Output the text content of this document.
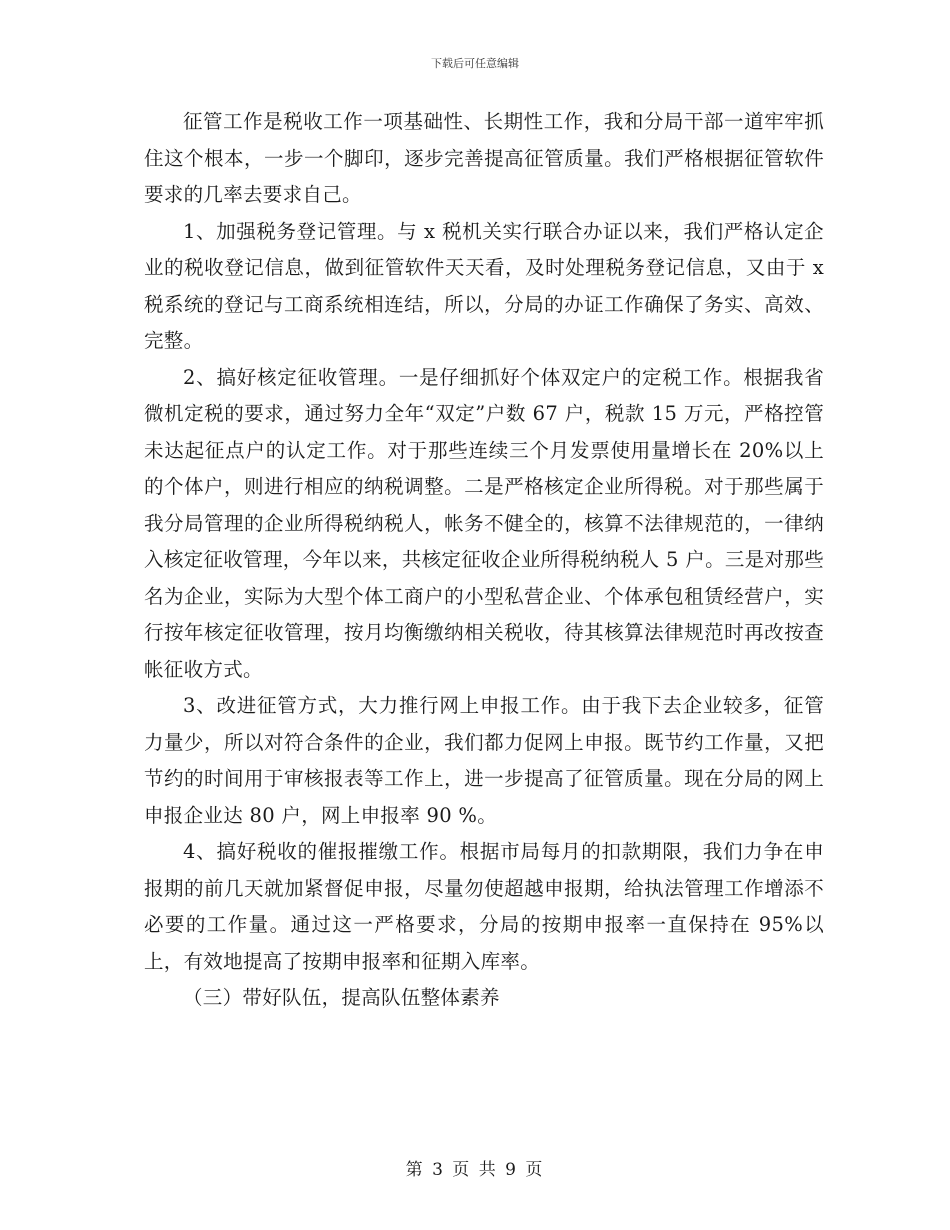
下载后可任意编辑

征管工作是税收工作一项基础性、长期性工作，我和分局干部一道牢牢抓住这个根本，一步一个脚印，逐步完善提高征管质量。我们严格根据征管软件要求的几率去要求自己。

1、加强税务登记管理。与 x 税机关实行联合办证以来，我们严格认定企业的税收登记信息，做到征管软件天天看，及时处理税务登记信息，又由于 x 税系统的登记与工商系统相连结，所以，分局的办证工作确保了务实、高效、完整。

2、搞好核定征收管理。一是仔细抓好个体双定户的定税工作。根据我省微机定税的要求，通过努力全年“双定”户数 67 户，税款 15 万元，严格控管未达起征点户的认定工作。对于那些连续三个月发票使用量增长在 20%以上的个体户，则进行相应的纳税调整。二是严格核定企业所得税。对于那些属于我分局管理的企业所得税纳税人，帐务不健全的，核算不法律规范的，一律纳入核定征收管理，今年以来，共核定征收企业所得税纳税人 5 户。三是对那些名为企业，实际为大型个体工商户的小型私营企业、个体承包租赁经营户，实行按年核定征收管理，按月均衡缴纳相关税收，待其核算法律规范时再改按查帐征收方式。

3、改进征管方式，大力推行网上申报工作。由于我下去企业较多，征管力量少，所以对符合条件的企业，我们都力促网上申报。既节约工作量，又把节约的时间用于审核报表等工作上，进一步提高了征管质量。现在分局的网上申报企业达 80 户，网上申报率 90 %。

4、搞好税收的催报摧缴工作。根据市局每月的扣款期限，我们力争在申报期的前几天就加紧督促申报，尽量勿使超越申报期，给执法管理工作增添不必要的工作量。通过这一严格要求，分局的按期申报率一直保持在 95%以上，有效地提高了按期申报率和征期入库率。

（三）带好队伍，提高队伍整体素养

第 3 页 共 9 页
